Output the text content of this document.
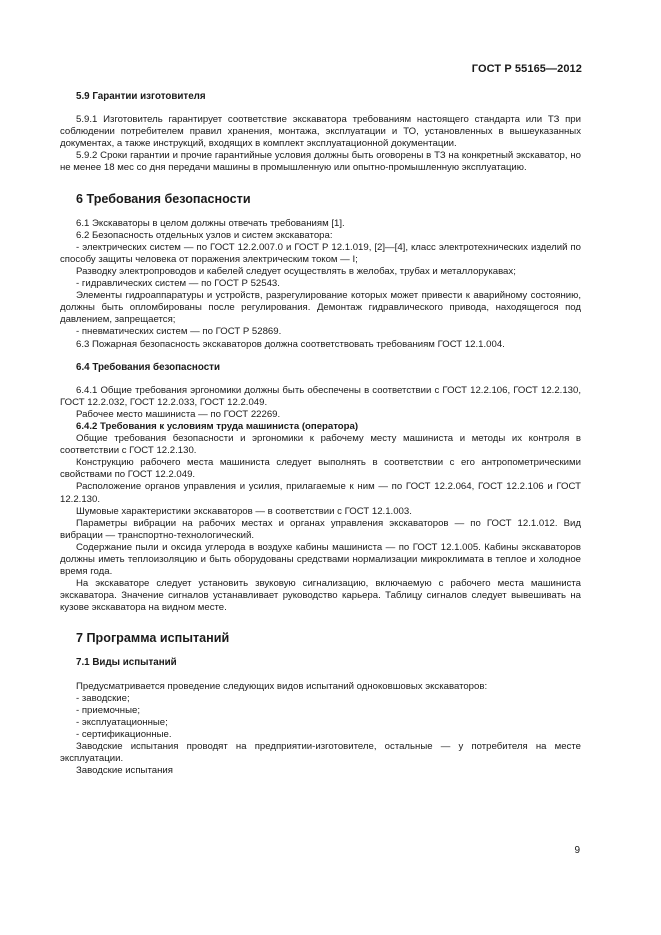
ГОСТ Р 55165—2012
5.9 Гарантии изготовителя

5.9.1 Изготовитель гарантирует соответствие экскаватора требованиям настоящего стандарта или ТЗ при соблюдении потребителем правил хранения, монтажа, эксплуатации и ТО, установленных в вышеуказанных документах, а также инструкций, входящих в комплект эксплуатационной документации.

5.9.2 Сроки гарантии и прочие гарантийные условия должны быть оговорены в ТЗ на конкретный экскаватор, но не менее 18 мес со дня передачи машины в промышленную или опытно-промышленную эксплуатацию.

6 Требования безопасности

6.1 Экскаваторы в целом должны отвечать требованиям [1].

6.2 Безопасность отдельных узлов и систем экскаватора:

- электрических систем — по ГОСТ 12.2.007.0 и ГОСТ Р 12.1.019, [2]—[4], класс электротехнических изделий по способу защиты человека от поражения электрическим током — I;

Разводку электропроводов и кабелей следует осуществлять в желобах, трубах и металлорукавах;

- гидравлических систем — по ГОСТ Р 52543.

Элементы гидроаппаратуры и устройств, разрегулирование которых может привести к аварийному состоянию, должны быть опломбированы после регулирования. Демонтаж гидравлического привода, находящегося под давлением, запрещается;

- пневматических систем — по ГОСТ Р 52869.

6.3 Пожарная безопасность экскаваторов должна соответствовать требованиям ГОСТ 12.1.004.

6.4 Требования безопасности

6.4.1 Общие требования эргономики должны быть обеспечены в соответствии с ГОСТ 12.2.106, ГОСТ 12.2.130, ГОСТ 12.2.032, ГОСТ 12.2.033, ГОСТ 12.2.049.

Рабочее место машиниста — по ГОСТ 22269.

6.4.2 Требования к условиям труда машиниста (оператора)

Общие требования безопасности и эргономики к рабочему месту машиниста и методы их контроля в соответствии с ГОСТ 12.2.130.

Конструкцию рабочего места машиниста следует выполнять в соответствии с его антропометрическими свойствами по ГОСТ 12.2.049.

Расположение органов управления и усилия, прилагаемые к ним — по ГОСТ 12.2.064, ГОСТ 12.2.106 и ГОСТ 12.2.130.

Шумовые характеристики экскаваторов — в соответствии с ГОСТ 12.1.003.

Параметры вибрации на рабочих местах и органах управления экскаваторов — по ГОСТ 12.1.012. Вид вибрации — транспортно-технологический.

Содержание пыли и оксида углерода в воздухе кабины машиниста — по ГОСТ 12.1.005. Кабины экскаваторов должны иметь теплоизоляцию и быть оборудованы средствами нормализации микроклимата в теплое и холодное время года.

На экскаваторе следует установить звуковую сигнализацию, включаемую с рабочего места машиниста экскаватора. Значение сигналов устанавливает руководство карьера. Таблицу сигналов следует вывешивать на кузове экскаватора на видном месте.

7 Программа испытаний
7.1 Виды испытаний

Предусматривается проведение следующих видов испытаний одноковшовых экскаваторов:

- заводские;

- приемочные;

- эксплуатационные;

- сертификационные.

Заводские испытания проводят на предприятии-изготовителе, остальные — у потребителя на месте эксплуатации.

Заводские испытания

9
